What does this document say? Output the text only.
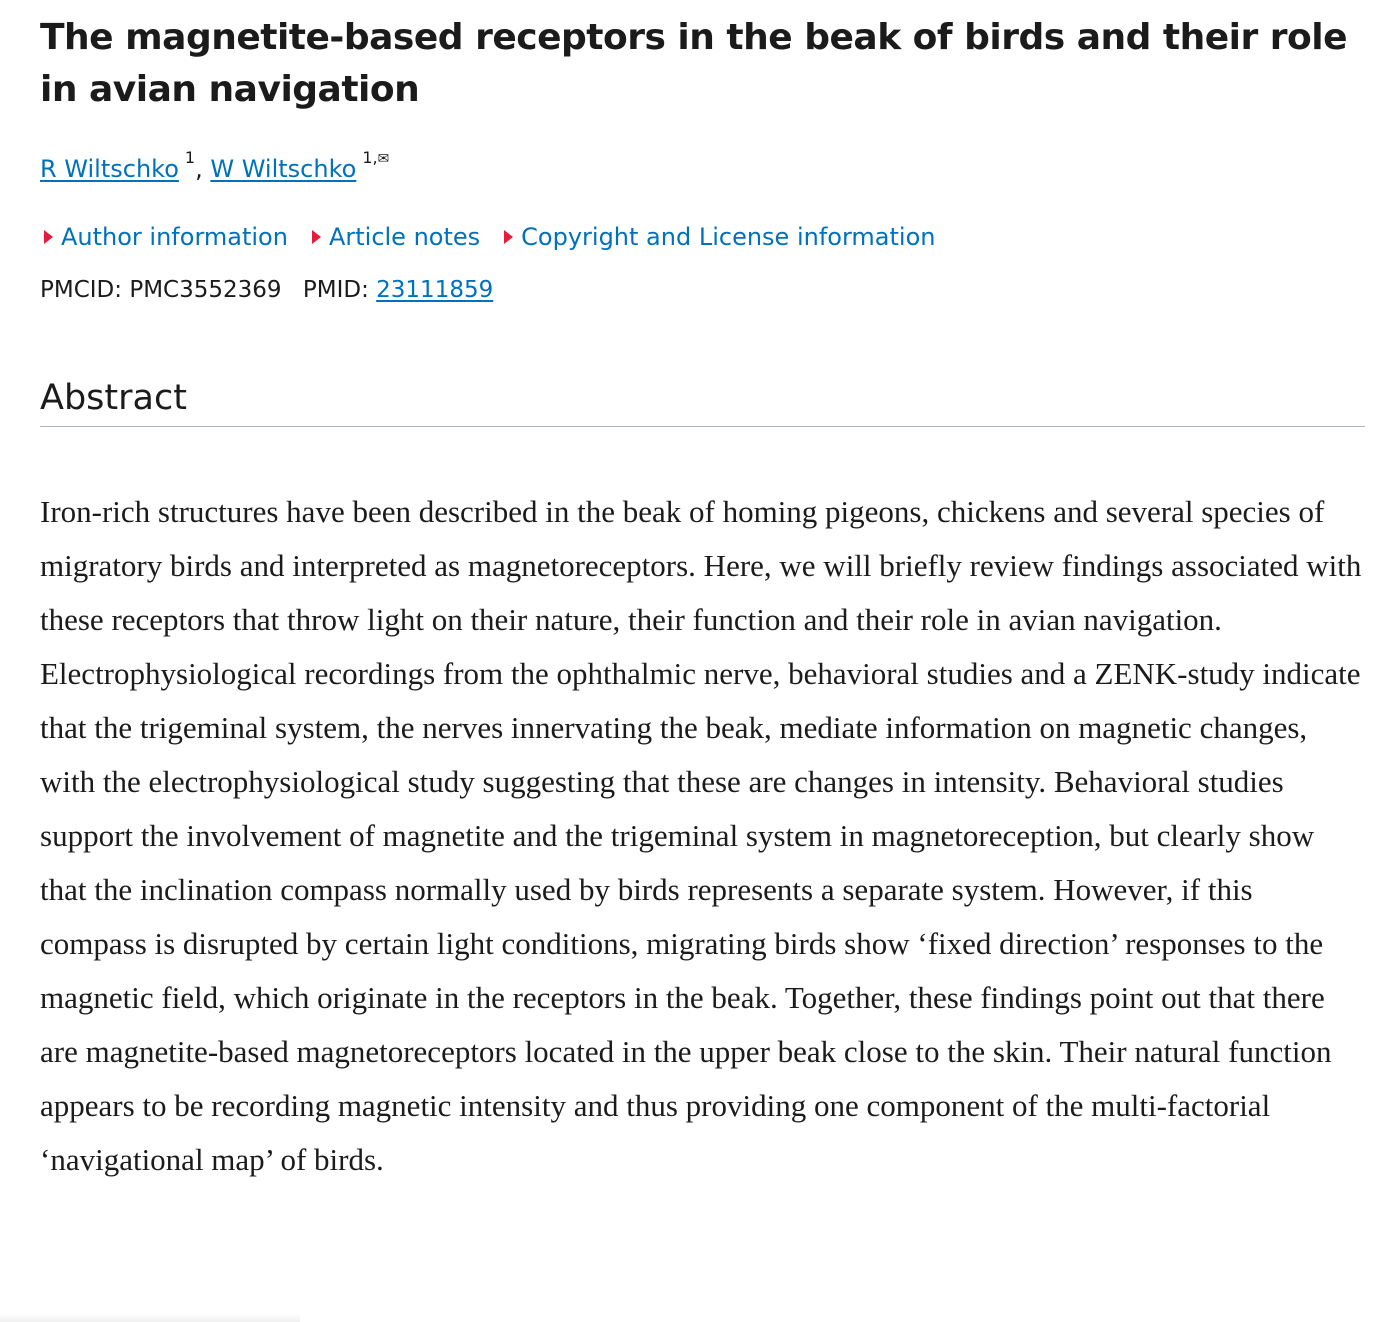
The magnetite-based receptors in the beak of birds and their role in avian navigation
R Wiltschko $^1$, W Wiltschko $^{1,✉}$
Author information Article notes Copyright and License information
PMCID: PMC3552369 PMID: 23111859
Abstract

Iron-rich structures have been described in the beak of homing pigeons, chickens and several species of migratory birds and interpreted as magnetoreceptors. Here, we will briefly review findings associated with these receptors that throw light on their nature, their function and their role in avian navigation. Electrophysiological recordings from the ophthalmic nerve, behavioral studies and a ZENK-study indicate that the trigeminal system, the nerves innervating the beak, mediate information on magnetic changes, with the electrophysiological study suggesting that these are changes in intensity. Behavioral studies support the involvement of magnetite and the trigeminal system in magnetoreception, but clearly show that the inclination compass normally used by birds represents a separate system. However, if this compass is disrupted by certain light conditions, migrating birds show ‘fixed direction’ responses to the magnetic field, which originate in the receptors in the beak. Together, these findings point out that there are magnetite-based magnetoreceptors located in the upper beak close to the skin. Their natural function appears to be recording magnetic intensity and thus providing one component of the multi-factorial ‘navigational map’ of birds.
